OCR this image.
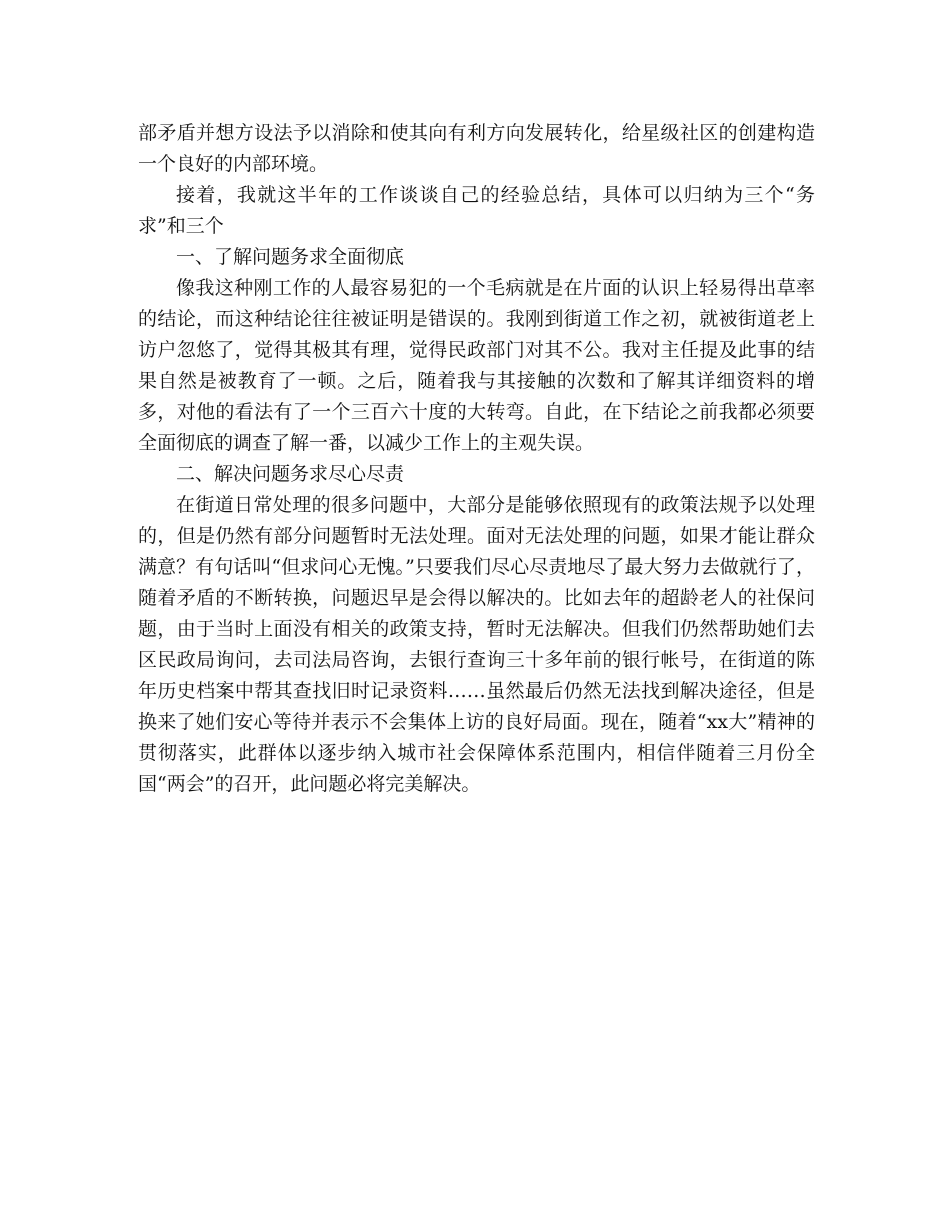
部矛盾并想方设法予以消除和使其向有利方向发展转化，给星级社区的创建构造一个良好的内部环境。

接着，我就这半年的工作谈谈自己的经验总结，具体可以归纳为三个“务求”和三个

一、了解问题务求全面彻底

像我这种刚工作的人最容易犯的一个毛病就是在片面的认识上轻易得出草率的结论，而这种结论往往被证明是错误的。我刚到街道工作之初，就被街道老上访户忽悠了，觉得其极其有理，觉得民政部门对其不公。我对主任提及此事的结果自然是被教育了一顿。之后，随着我与其接触的次数和了解其详细资料的增多，对他的看法有了一个三百六十度的大转弯。自此，在下结论之前我都必须要全面彻底的调查了解一番，以减少工作上的主观失误。

二、解决问题务求尽心尽责

在街道日常处理的很多问题中，大部分是能够依照现有的政策法规予以处理的，但是仍然有部分问题暂时无法处理。面对无法处理的问题，如果才能让群众满意？有句话叫“但求问心无愧。”只要我们尽心尽责地尽了最大努力去做就行了，随着矛盾的不断转换，问题迟早是会得以解决的。比如去年的超龄老人的社保问题，由于当时上面没有相关的政策支持，暂时无法解决。但我们仍然帮助她们去区民政局询问，去司法局咨询，去银行查询三十多年前的银行帐号，在街道的陈年历史档案中帮其查找旧时记录资料……虽然最后仍然无法找到解决途径，但是换来了她们安心等待并表示不会集体上访的良好局面。现在，随着“xx大”精神的贯彻落实，此群体以逐步纳入城市社会保障体系范围内，相信伴随着三月份全国“两会”的召开，此问题必将完美解决。
